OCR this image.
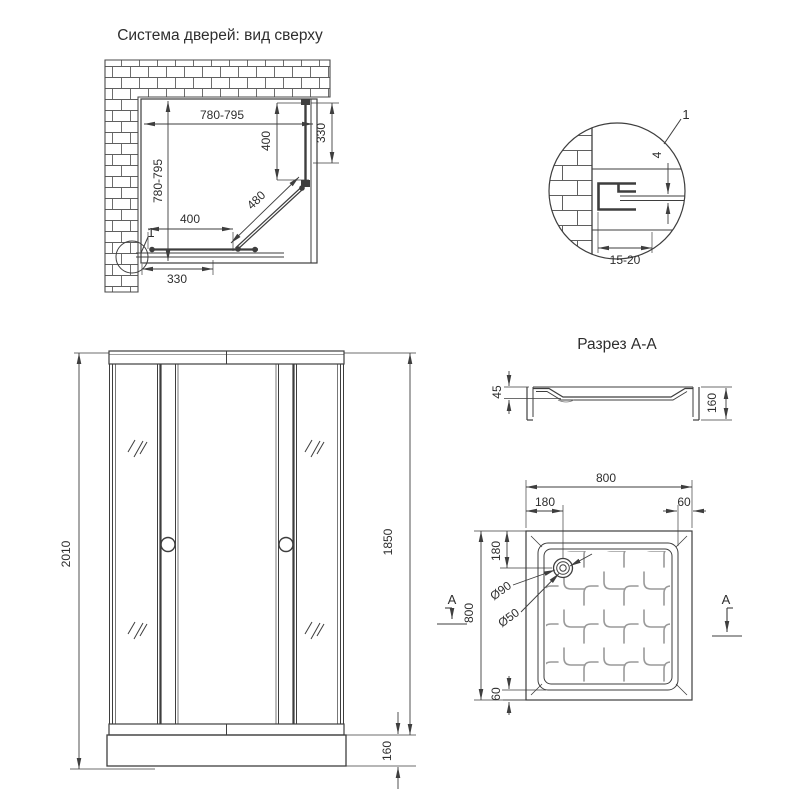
Система дверей: вид сверху
1
780-795
780-795
400	330
480
400
330
1
4
15-20
2010	1850
160
Разрез А-А
45
160
800
180	60
800
180
60
Ø90
Ø50
A	A
